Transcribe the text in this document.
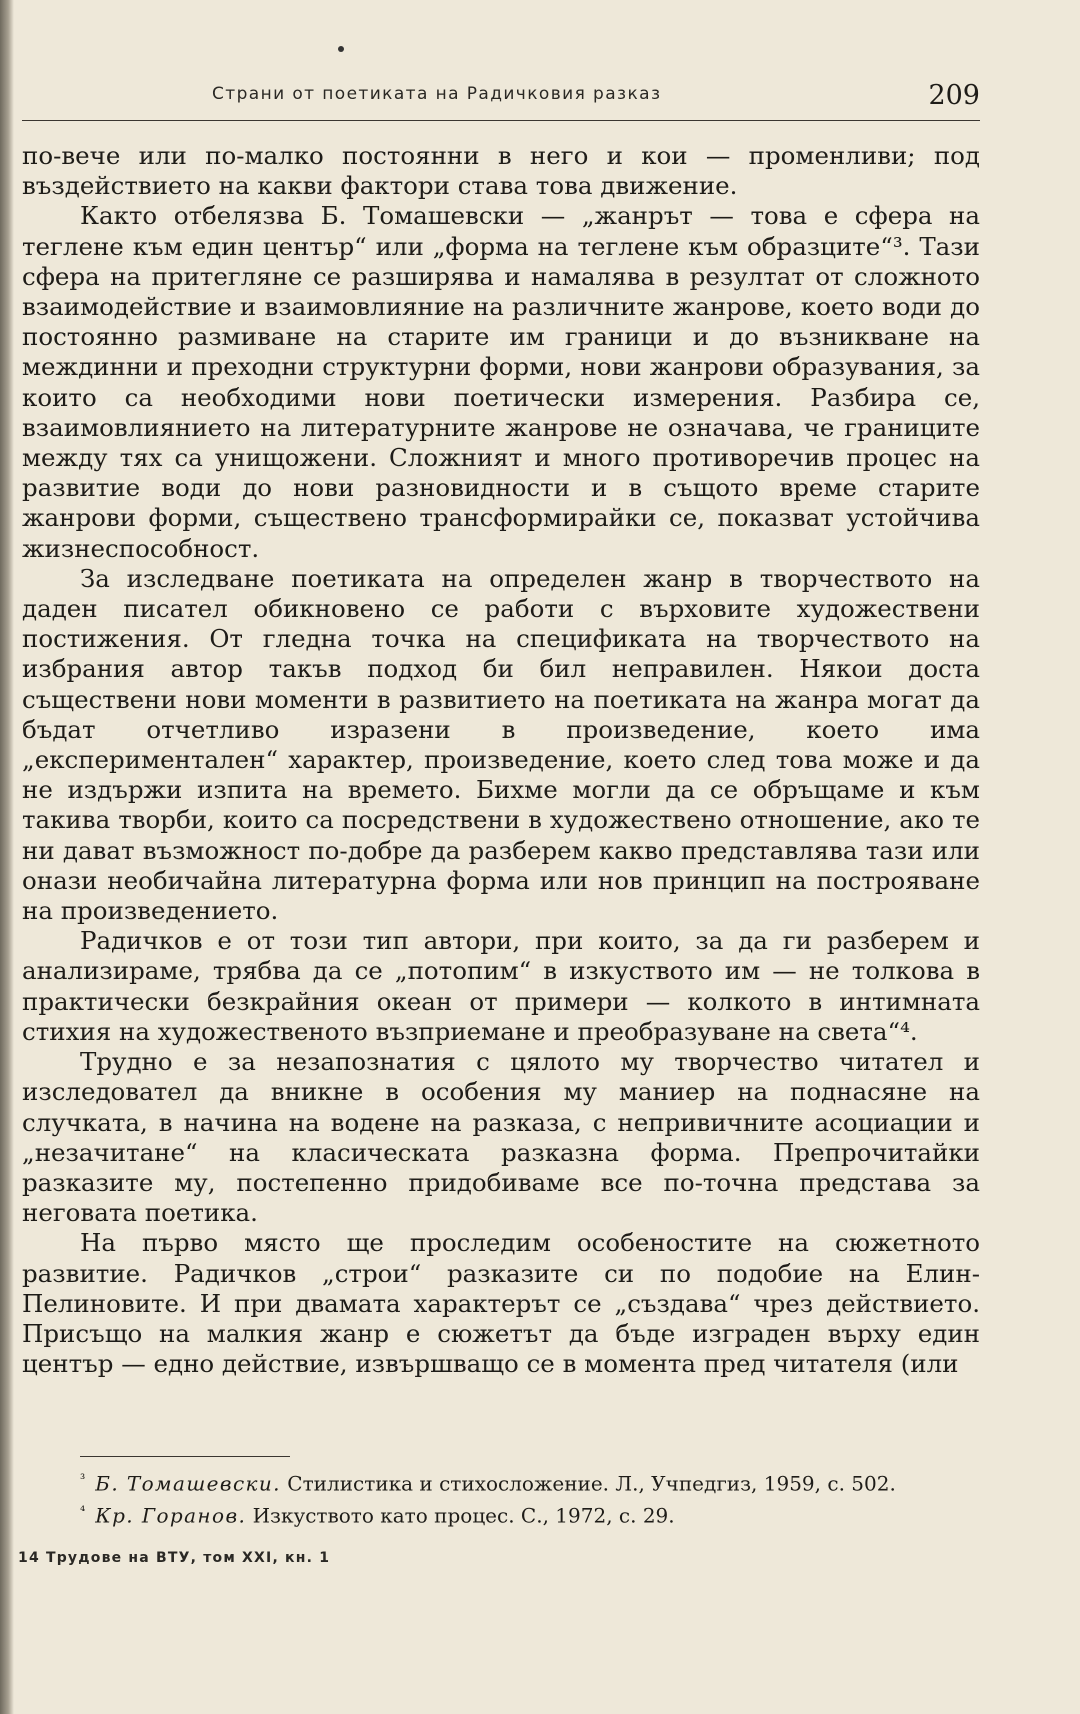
Страни от поетиката на Радичковия разказ	209

по-вече или по-малко постоянни в него и кои — променливи; под въздействието на какви фактори става това движение.

Както отбелязва Б. Томашевски — „жанрът — това е сфера на теглене към един център“ или „форма на теглене към образците“³. Тази сфера на притегляне се разширява и намалява в резултат от сложното взаимодействие и взаимовлияние на различните жанрове, което води до постоянно размиване на старите им граници и до възникване на междинни и преходни структурни форми, нови жанрови образувания, за които са необходими нови поетически измерения. Разбира се, взаимовлиянието на литературните жанрове не означава, че границите между тях са унищожени. Сложният и много противоречив процес на развитие води до нови разновидности и в същото време старите жанрови форми, съществено трансформирайки се, показват устойчива жизнеспособност.

За изследване поетиката на определен жанр в творчеството на даден писател обикновено се работи с върховите художествени постижения. От гледна точка на спецификата на творчеството на избрания автор такъв подход би бил неправилен. Някои доста съществени нови моменти в развитието на поетиката на жанра могат да бъдат отчетливо изразени в произведение, което има „експериментален“ характер, произведение, което след това може и да не издържи изпита на времето. Бихме могли да се обръщаме и към такива творби, които са посредствени в художествено отношение, ако те ни дават възможност по-добре да разберем какво представлява тази или онази необичайна литературна форма или нов принцип на построяване на произведението.

Радичков е от този тип автори, при които, за да ги разберем и анализираме, трябва да се „потопим“ в изкуството им — не толкова в практически безкрайния океан от примери — колкото в интимната стихия на художественото възприемане и преобразуване на света“⁴.

Трудно е за незапознатия с цялото му творчество читател и изследовател да вникне в особения му маниер на поднасяне на случката, в начина на водене на разказа, с непривичните асоциации и „незачитане“ на класическата разказна форма. Препрочитайки разказите му, постепенно придобиваме все по-точна представа за неговата поетика.

На първо място ще проследим особеностите на сюжетното развитие. Радичков „строи“ разказите си по подобие на Елин-Пелиновите. И при двамата характерът се „създава“ чрез действието. Присъщо на малкия жанр е сюжетът да бъде изграден върху един център — едно действие, извършващо се в момента пред читателя (или

$^{^3}$ Б. Томашевски. Стилистика и стихосложение. Л., Учпедгиз, 1959, с. 502.

$^{^4}$ Кр. Горанов. Изкуството като процес. С., 1972, с. 29.

14 Трудове на ВТУ, том XXI, кн. 1
